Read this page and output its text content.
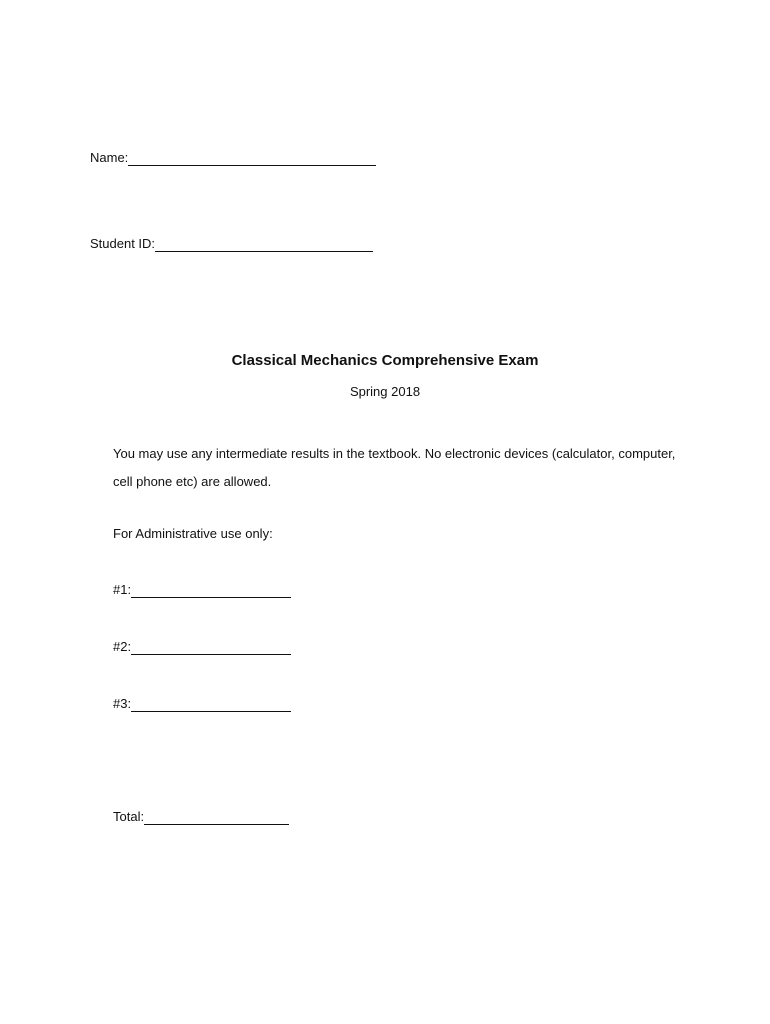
Name:
Student ID:
Classical Mechanics Comprehensive Exam
Spring 2018
You may use any intermediate results in the textbook. No electronic devices (calculator, computer, cell phone etc) are allowed.
For Administrative use only:
#1:
#2:
#3:
Total:
